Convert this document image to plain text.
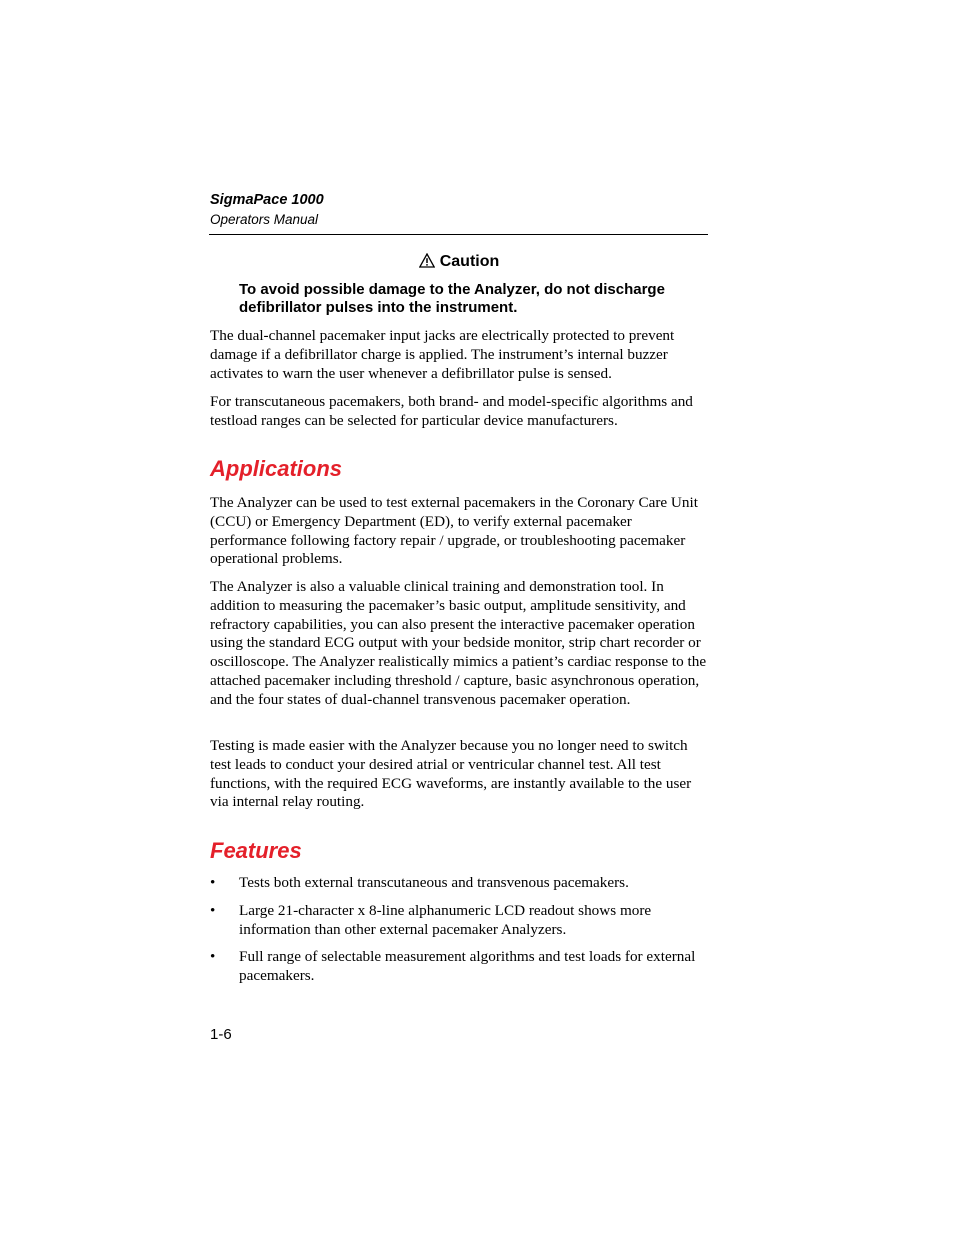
SigmaPace 1000
Operators Manual
Caution
To avoid possible damage to the Analyzer, do not discharge defibrillator pulses into the instrument.

The dual-channel pacemaker input jacks are electrically protected to prevent damage if a defibrillator charge is applied. The instrument’s internal buzzer activates to warn the user whenever a defibrillator pulse is sensed.

For transcutaneous pacemakers, both brand- and model-specific algorithms and testload ranges can be selected for particular device manufacturers.

Applications

The Analyzer can be used to test external pacemakers in the Coronary Care Unit (CCU) or Emergency Department (ED), to verify external pacemaker performance following factory repair / upgrade, or troubleshooting pacemaker operational problems.

The Analyzer is also a valuable clinical training and demonstration tool. In addition to measuring the pacemaker’s basic output, amplitude sensitivity, and refractory capabilities, you can also present the interactive pacemaker operation using the standard ECG output with your bedside monitor, strip chart recorder or oscilloscope. The Analyzer realistically mimics a patient’s cardiac response to the attached pacemaker including threshold / capture, basic asynchronous operation, and the four states of dual-channel transvenous pacemaker operation.

Testing is made easier with the Analyzer because you no longer need to switch test leads to conduct your desired atrial or ventricular channel test. All test functions, with the required ECG waveforms, are instantly available to the user via internal relay routing.

Features
• Tests both external transcutaneous and transvenous pacemakers.
• Large 21-character x 8-line alphanumeric LCD readout shows more information than other external pacemaker Analyzers.
• Full range of selectable measurement algorithms and test loads for external pacemakers.
1-6
